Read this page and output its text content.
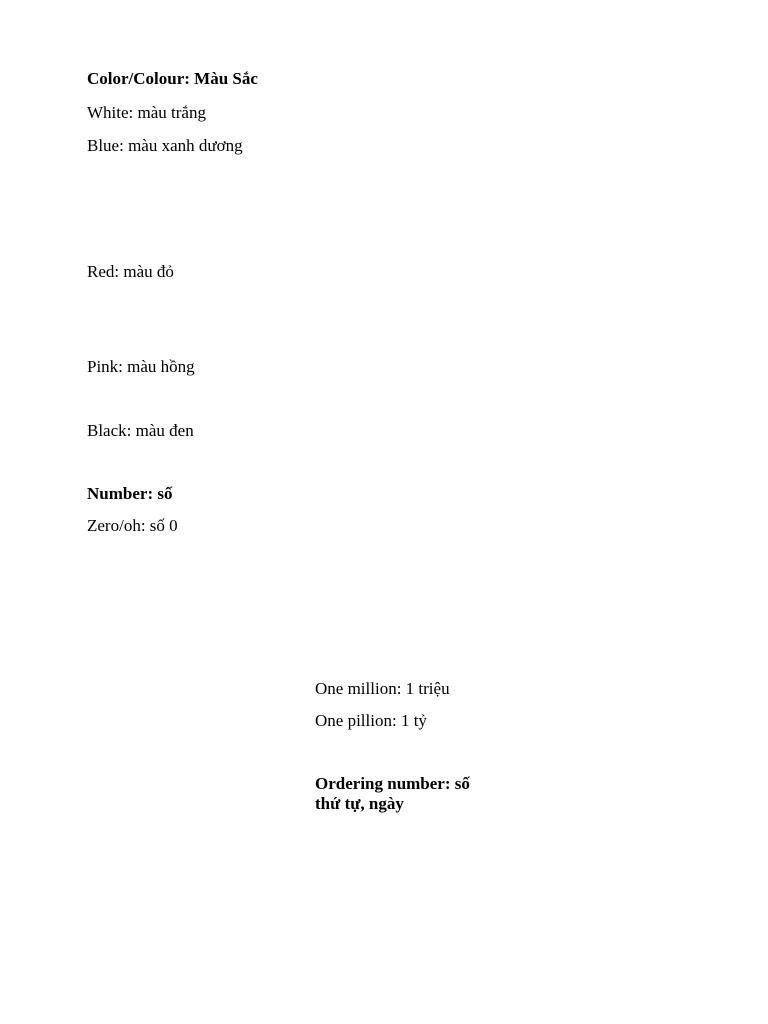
Color/Colour: Màu Sắc
White: màu trắng
Blue: màu xanh dương
Red: màu đỏ
Pink: màu hồng
Black: màu đen
Number: số
Zero/oh: số 0
One million: 1 triệu
One pillion: 1 tỷ
Ordering number: số
thứ tự, ngày
